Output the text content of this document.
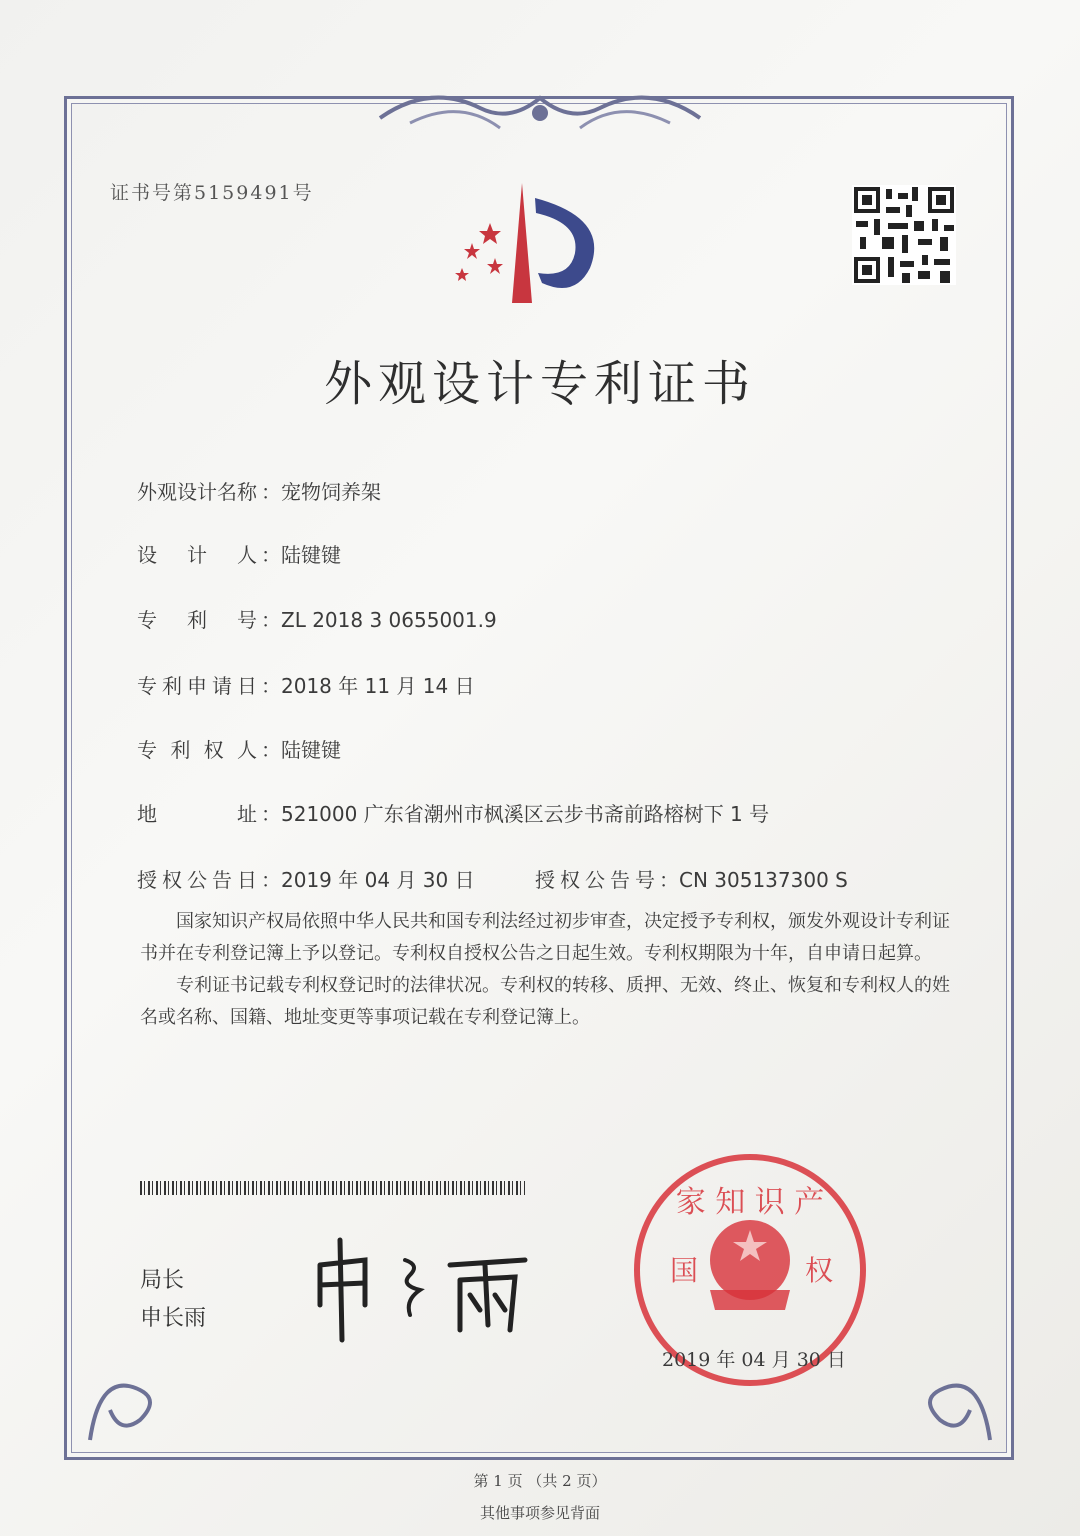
证书号第5159491号
外观设计专利证书
外观设计名称 ：宠物饲养架
设计人 ：陆键键
专利号 ：ZL 2018 3 0655001.9
专利申请日 ：2018 年 11 月 14 日
专利权人 ：陆键键
地址 ：521000 广东省潮州市枫溪区云步书斋前路榕树下 1 号
授权公告日 ：2019 年 04 月 30 日	授权公告号 ：CN 305137300 S

国家知识产权局依照中华人民共和国专利法经过初步审查，决定授予专利权，颁发外观设计专利证书并在专利登记簿上予以登记。专利权自授权公告之日起生效。专利权期限为十年，自申请日起算。

专利证书记载专利权登记时的法律状况。专利权的转移、质押、无效、终止、恢复和专利权人的姓名或名称、国籍、地址变更等事项记载在专利登记簿上。

局长
申长雨
家 知 识 产
国	权
2019 年 04 月 30 日
第 1 页 （共 2 页）
其他事项参见背面
